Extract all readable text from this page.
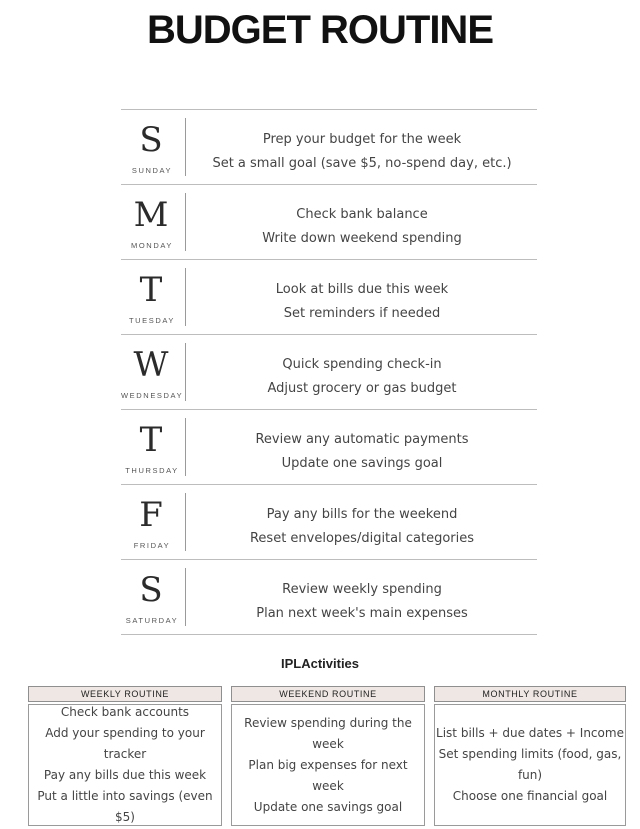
BUDGET ROUTINE
S
SUNDAY
Prep your budget for the week
Set a small goal (save $5, no-spend day, etc.)
M
MONDAY
Check bank balance
Write down weekend spending
T
TUESDAY
Look at bills due this week
Set reminders if needed
W
WEDNESDAY
Quick spending check-in
Adjust grocery or gas budget
T
THURSDAY
Review any automatic payments
Update one savings goal
F
FRIDAY
Pay any bills for the weekend
Reset envelopes/digital categories
S
SATURDAY
Review weekly spending
Plan next week's main expenses
IPLActivities
WEEKLY ROUTINE
Check bank accounts
Add your spending to your tracker
Pay any bills due this week
Put a little into savings (even $5)
WEEKEND ROUTINE
Review spending during the week
Plan big expenses for next week
Update one savings goal
MONTHLY ROUTINE
List bills + due dates + Income
Set spending limits (food, gas, fun)
Choose one financial goal
